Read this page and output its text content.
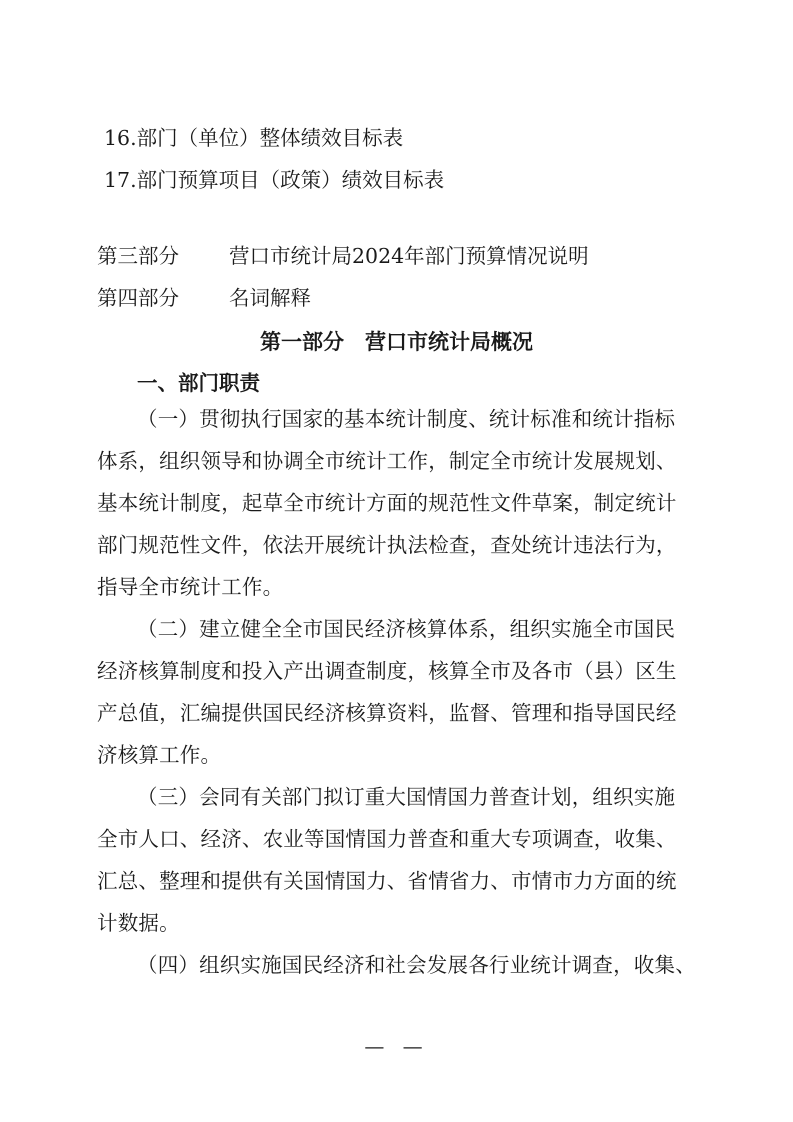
16.部门（单位）整体绩效目标表
17.部门预算项目（政策）绩效目标表
第三部分 营口市统计局2024年部门预算情况说明
第四部分 名词解释
第一部分　营口市统计局概况
一、部门职责
（一）贯彻执行国家的基本统计制度、统计标准和统计指标
体系，组织领导和协调全市统计工作，制定全市统计发展规划、
基本统计制度，起草全市统计方面的规范性文件草案，制定统计
部门规范性文件，依法开展统计执法检查，查处统计违法行为，
指导全市统计工作。
（二）建立健全全市国民经济核算体系，组织实施全市国民
经济核算制度和投入产出调查制度，核算全市及各市（县）区生
产总值，汇编提供国民经济核算资料，监督、管理和指导国民经
济核算工作。
（三）会同有关部门拟订重大国情国力普查计划，组织实施
全市人口、经济、农业等国情国力普查和重大专项调查，收集、
汇总、整理和提供有关国情国力、省情省力、市情市力方面的统
计数据。
（四）组织实施国民经济和社会发展各行业统计调查，收集、
— —
